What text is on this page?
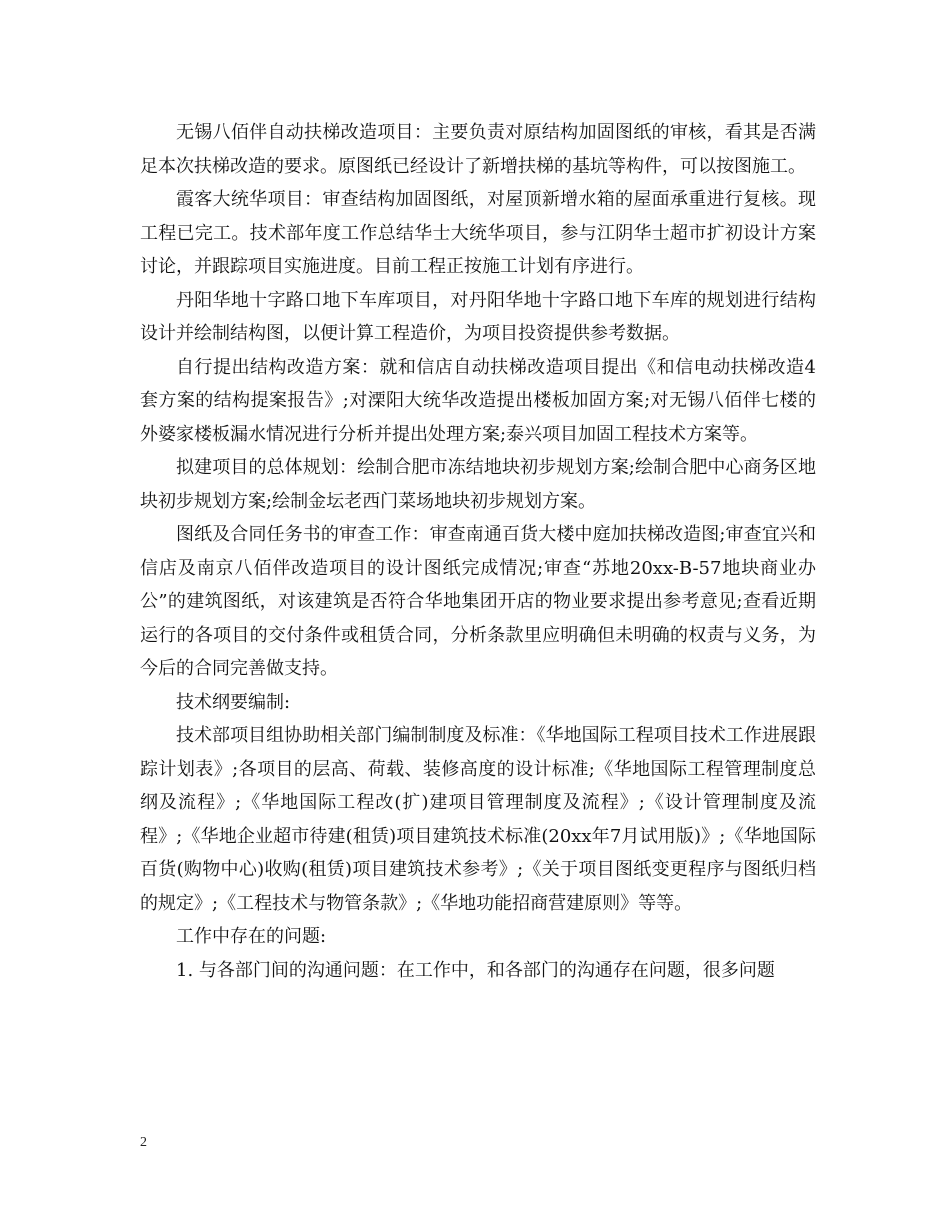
无锡八佰伴自动扶梯改造项目：主要负责对原结构加固图纸的审核，看其是否满足本次扶梯改造的要求。原图纸已经设计了新增扶梯的基坑等构件，可以按图施工。

霞客大统华项目：审查结构加固图纸，对屋顶新增水箱的屋面承重进行复核。现工程已完工。技术部年度工作总结华士大统华项目，参与江阴华士超市扩初设计方案讨论，并跟踪项目实施进度。目前工程正按施工计划有序进行。

丹阳华地十字路口地下车库项目，对丹阳华地十字路口地下车库的规划进行结构设计并绘制结构图，以便计算工程造价，为项目投资提供参考数据。

自行提出结构改造方案：就和信店自动扶梯改造项目提出《和信电动扶梯改造4套方案的结构提案报告》;对溧阳大统华改造提出楼板加固方案;对无锡八佰伴七楼的外婆家楼板漏水情况进行分析并提出处理方案;泰兴项目加固工程技术方案等。

拟建项目的总体规划：绘制合肥市冻结地块初步规划方案;绘制合肥中心商务区地块初步规划方案;绘制金坛老西门菜场地块初步规划方案。

图纸及合同任务书的审查工作：审查南通百货大楼中庭加扶梯改造图;审查宜兴和信店及南京八佰伴改造项目的设计图纸完成情况;审查“苏地20xx-B-57地块商业办公”的建筑图纸，对该建筑是否符合华地集团开店的物业要求提出参考意见;查看近期运行的各项目的交付条件或租赁合同，分析条款里应明确但未明确的权责与义务，为今后的合同完善做支持。

技术纲要编制:

技术部项目组协助相关部门编制制度及标准：《华地国际工程项目技术工作进展跟踪计划表》;各项目的层高、荷载、装修高度的设计标准;《华地国际工程管理制度总纲及流程》;《华地国际工程改(扩)建项目管理制度及流程》;《设计管理制度及流程》;《华地企业超市待建(租赁)项目建筑技术标准(20xx年7月试用版)》;《华地国际百货(购物中心)收购(租赁)项目建筑技术参考》;《关于项目图纸变更程序与图纸归档的规定》;《工程技术与物管条款》;《华地功能招商营建原则》等等。

工作中存在的问题:

1. 与各部门间的沟通问题：在工作中，和各部门的沟通存在问题，很多问题

2
